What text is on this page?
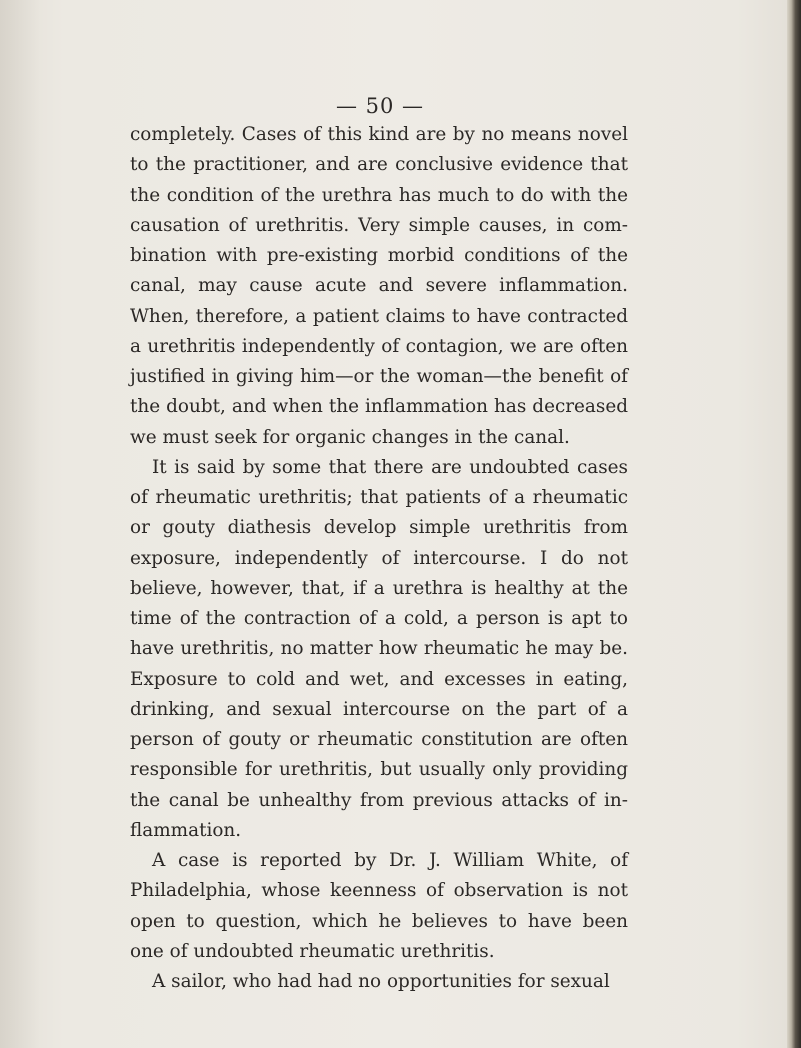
— 50 —

completely. Cases of this kind are by no means novel to the practitioner, and are conclusive evidence that the condition of the urethra has much to do with the causation of urethritis. Very simple causes, in com-bination with pre-existing morbid conditions of the canal, may cause acute and severe inflammation. When, therefore, a patient claims to have contracted a urethritis independently of contagion, we are often justified in giving him—or the woman—the benefit of the doubt, and when the inflammation has decreased we must seek for organic changes in the canal.

It is said by some that there are undoubted cases of rheumatic urethritis; that patients of a rheumatic or gouty diathesis develop simple urethritis from exposure, independently of intercourse. I do not believe, however, that, if a urethra is healthy at the time of the contraction of a cold, a person is apt to have urethritis, no matter how rheumatic he may be. Exposure to cold and wet, and excesses in eating, drinking, and sexual intercourse on the part of a person of gouty or rheumatic constitution are often responsible for urethritis, but usually only providing the canal be unhealthy from previous attacks of in-flammation.

A case is reported by Dr. J. William White, of Philadelphia, whose keenness of observation is not open to question, which he believes to have been one of undoubted rheumatic urethritis.

A sailor, who had had no opportunities for sexual
